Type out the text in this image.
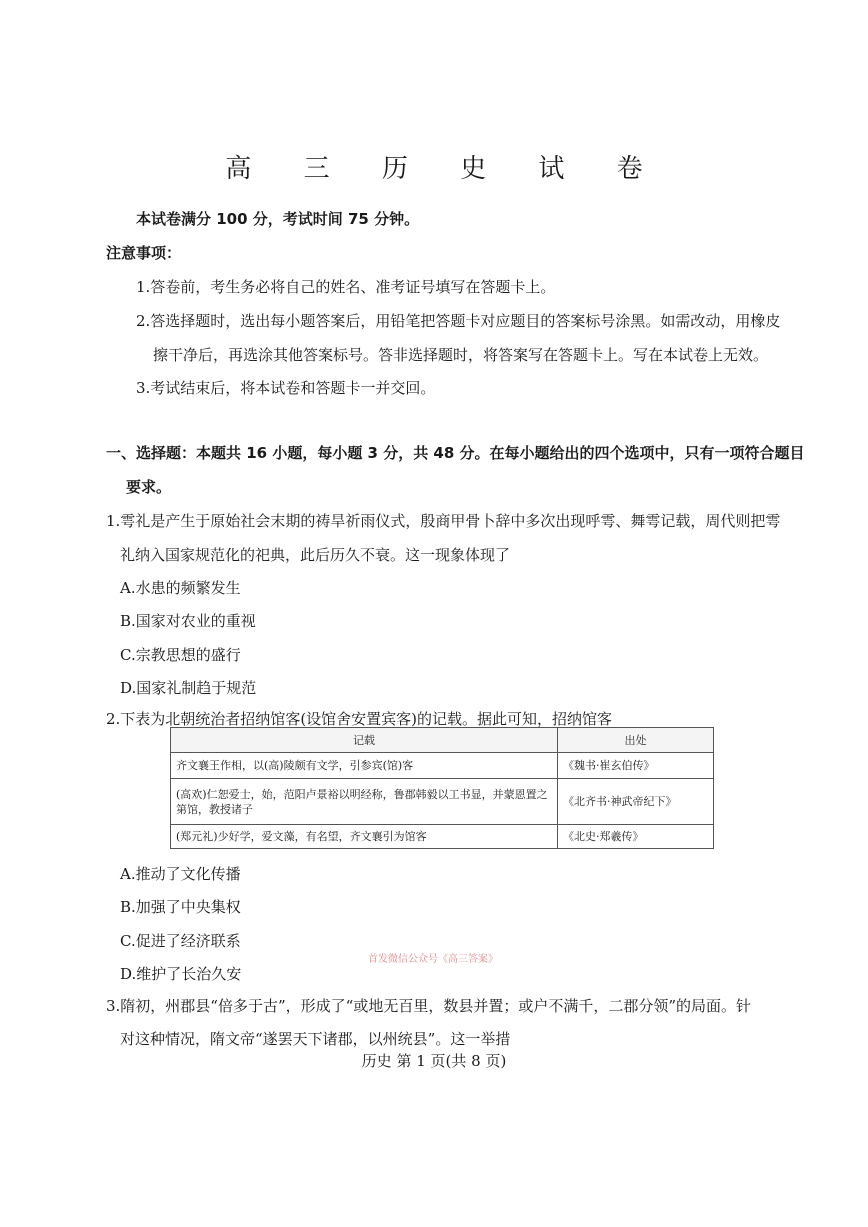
高 三 历 史 试 卷
本试卷满分 100 分，考试时间 75 分钟。
注意事项：
1.答卷前，考生务必将自己的姓名、准考证号填写在答题卡上。
2.答选择题时，选出每小题答案后，用铅笔把答题卡对应题目的答案标号涂黑。如需改动，用橡皮
擦干净后，再选涂其他答案标号。答非选择题时，将答案写在答题卡上。写在本试卷上无效。
3.考试结束后，将本试卷和答题卡一并交回。
一、选择题：本题共 16 小题，每小题 3 分，共 48 分。在每小题给出的四个选项中，只有一项符合题目
要求。
1.雩礼是产生于原始社会末期的祷旱祈雨仪式，殷商甲骨卜辞中多次出现呼雩、舞雩记载，周代则把雩
礼纳入国家规范化的祀典，此后历久不衰。这一现象体现了
A.水患的频繁发生
B.国家对农业的重视
C.宗教思想的盛行
D.国家礼制趋于规范
2.下表为北朝统治者招纳馆客(设馆舍安置宾客)的记载。据此可知，招纳馆客
记载	出处
齐文襄王作相，以(高)陵颇有文学，引参宾(馆)客	《魏书·崔玄伯传》
(高欢)仁恕爱士，始，范阳卢景裕以明经称，鲁郡韩毅以工书显，并蒙恩置之第馆，教授诸子	《北齐书·神武帝纪下》
(郑元礼)少好学，爱文藻，有名望，齐文襄引为馆客	《北史·郑羲传》
A.推动了文化传播
B.加强了中央集权
C.促进了经济联系
D.维护了长治久安
首发微信公众号《高三答案》
3.隋初，州郡县“倍多于古”，形成了“或地无百里，数县并置；或户不满千，二郡分领”的局面。针
对这种情况，隋文帝“遂罢天下诸郡，以州统县”。这一举措
历史 第 1 页(共 8 页)
